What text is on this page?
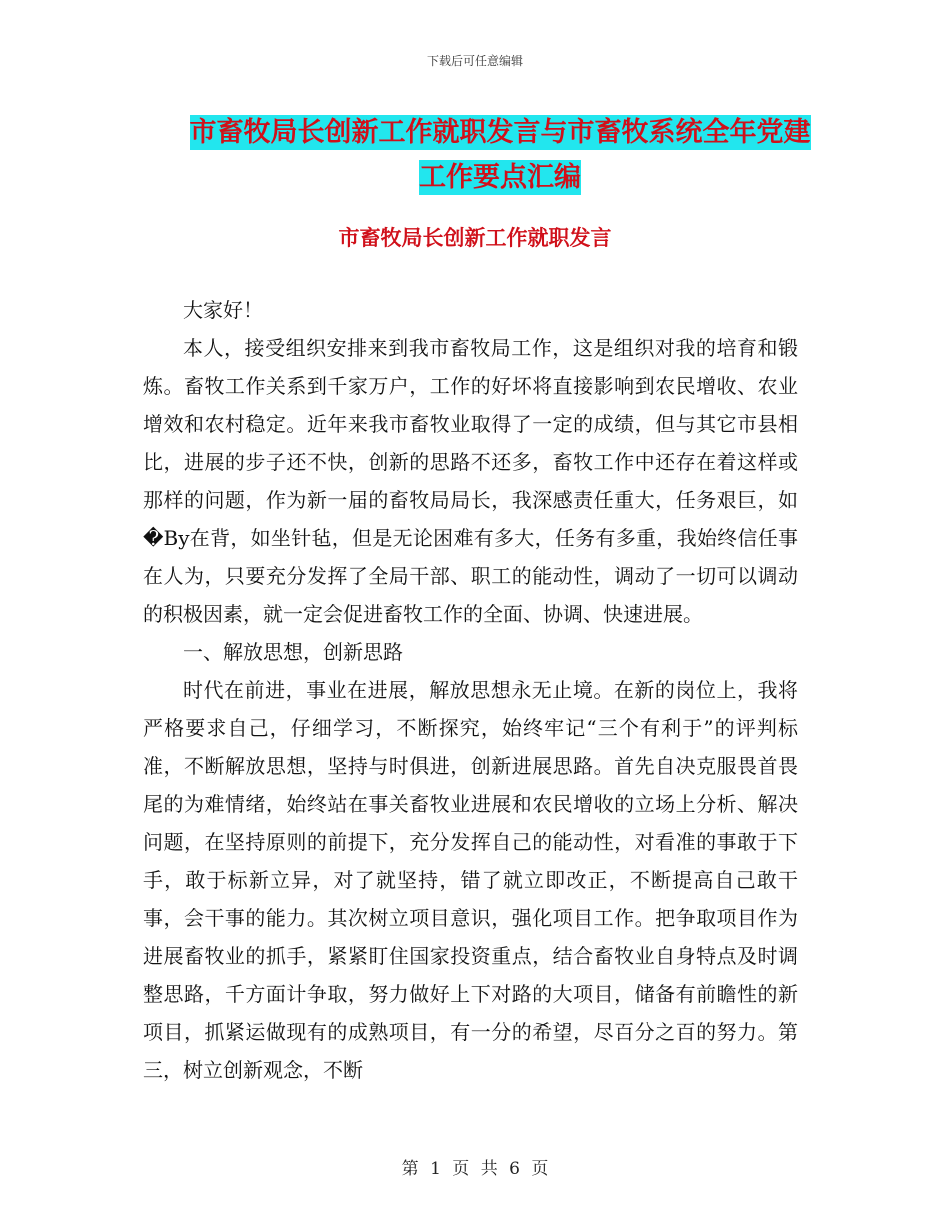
下载后可任意编辑
市畜牧局长创新工作就职发言与市畜牧系统全年党建
工作要点汇编
市畜牧局长创新工作就职发言

大家好！

本人，接受组织安排来到我市畜牧局工作，这是组织对我的培育和锻炼。畜牧工作关系到千家万户，工作的好坏将直接影响到农民增收、农业增效和农村稳定。近年来我市畜牧业取得了一定的成绩，但与其它市县相比，进展的步子还不快，创新的思路不还多，畜牧工作中还存在着这样或那样的问题，作为新一届的畜牧局局长，我深感责任重大，任务艰巨，如�By在背，如坐针毡，但是无论困难有多大，任务有多重，我始终信任事在人为，只要充分发挥了全局干部、职工的能动性，调动了一切可以调动的积极因素，就一定会促进畜牧工作的全面、协调、快速进展。

一、解放思想，创新思路

时代在前进，事业在进展，解放思想永无止境。在新的岗位上，我将严格要求自己，仔细学习，不断探究，始终牢记“三个有利于”的评判标准，不断解放思想，坚持与时俱进，创新进展思路。首先自决克服畏首畏尾的为难情绪，始终站在事关畜牧业进展和农民增收的立场上分析、解决问题，在坚持原则的前提下，充分发挥自己的能动性，对看准的事敢于下手，敢于标新立异，对了就坚持，错了就立即改正，不断提高自己敢干事，会干事的能力。其次树立项目意识，强化项目工作。把争取项目作为进展畜牧业的抓手，紧紧盯住国家投资重点，结合畜牧业自身特点及时调整思路，千方面计争取，努力做好上下对路的大项目，储备有前瞻性的新项目，抓紧运做现有的成熟项目，有一分的希望，尽百分之百的努力。第三，树立创新观念，不断

第 1 页 共 6 页
